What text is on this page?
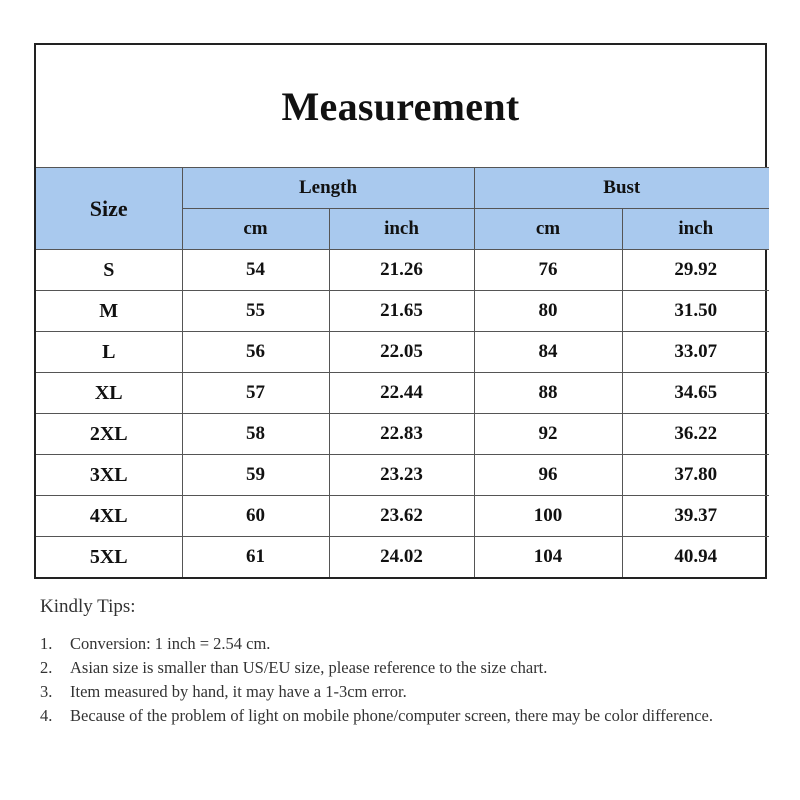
Measurement
Size	Length		Bust	
	cm	inch	cm	inch
S	54	21.26	76	29.92
M	55	21.65	80	31.50
L	56	22.05	84	33.07
XL	57	22.44	88	34.65
2XL	58	22.83	92	36.22
3XL	59	23.23	96	37.80
4XL	60	23.62	100	39.37
5XL	61	24.02	104	40.94
Kindly Tips:
1.	Conversion: 1 inch = 2.54 cm.
2.	Asian size is smaller than US/EU size, please reference to the size chart.
3.	Item measured by hand, it may have a 1-3cm error.
4.	Because of the problem of light on mobile phone/computer screen, there may be color difference.
